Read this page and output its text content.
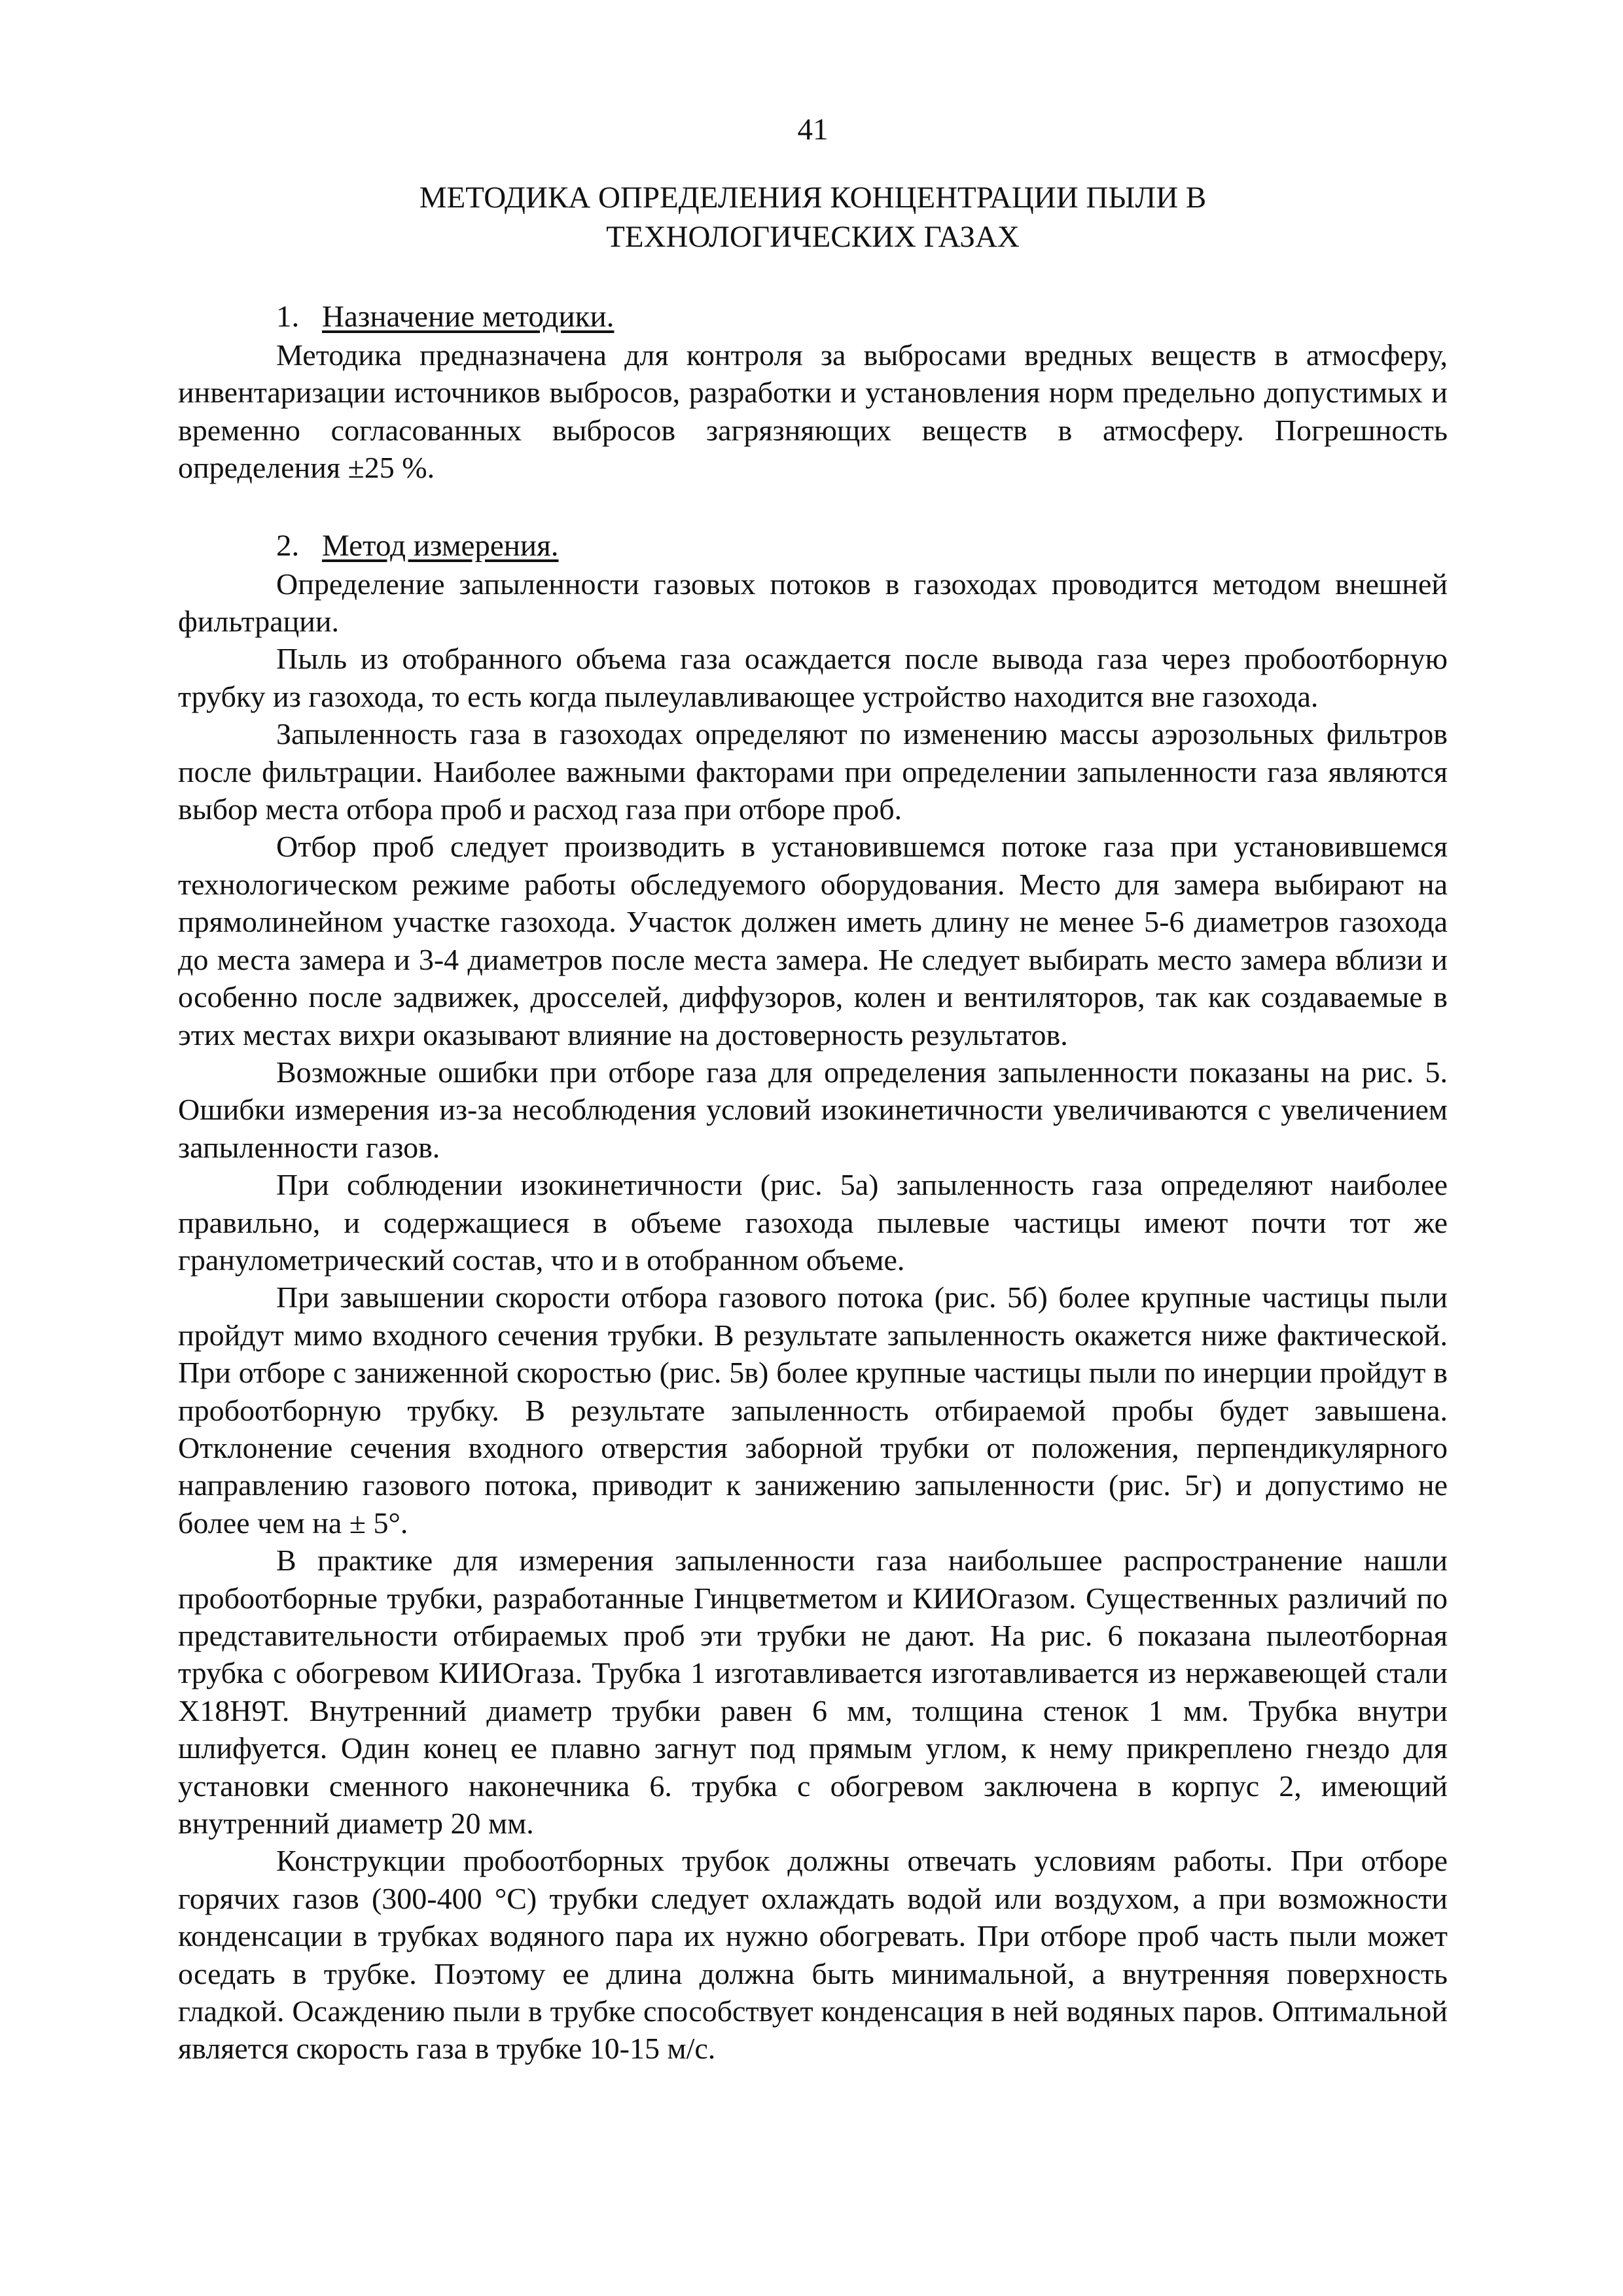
41
МЕТОДИКА ОПРЕДЕЛЕНИЯ КОНЦЕНТРАЦИИ ПЫЛИ В
ТЕХНОЛОГИЧЕСКИХ ГАЗАХ
1. Назначение методики.

Методика предназначена для контроля за выбросами вредных веществ в атмосферу, инвентаризации источников выбросов, разработки и установления норм предельно допустимых и временно согласованных выбросов загрязняющих веществ в атмосферу. Погрешность определения ±25 %.

2. Метод измерения.

Определение запыленности газовых потоков в газоходах проводится методом внешней фильтрации.

Пыль из отобранного объема газа осаждается после вывода газа через пробоотборную трубку из газохода, то есть когда пылеулавливающее устройство находится вне газохода.

Запыленность газа в газоходах определяют по изменению массы аэрозольных фильтров после фильтрации. Наиболее важными факторами при определении запыленности газа являются выбор места отбора проб и расход газа при отборе проб.

Отбор проб следует производить в установившемся потоке газа при установившемся технологическом режиме работы обследуемого оборудования. Место для замера выбирают на прямолинейном участке газохода. Участок должен иметь длину не менее 5-6 диаметров газохода до места замера и 3-4 диаметров после места замера. Не следует выбирать место замера вблизи и особенно после задвижек, дросселей, диффузоров, колен и вентиляторов, так как создаваемые в этих местах вихри оказывают влияние на достоверность результатов.

Возможные ошибки при отборе газа для определения запыленности показаны на рис. 5. Ошибки измерения из-за несоблюдения условий изокинетичности увеличиваются с увеличением запыленности газов.

При соблюдении изокинетичности (рис. 5а) запыленность газа определяют наиболее правильно, и содержащиеся в объеме газохода пылевые частицы имеют почти тот же гранулометрический состав, что и в отобранном объеме.

При завышении скорости отбора газового потока (рис. 5б) более крупные частицы пыли пройдут мимо входного сечения трубки. В результате запыленность окажется ниже фактической. При отборе с заниженной скоростью (рис. 5в) более крупные частицы пыли по инерции пройдут в пробоотборную трубку. В результате запыленность отбираемой пробы будет завышена. Отклонение сечения входного отверстия заборной трубки от положения, перпендикулярного направлению газового потока, приводит к занижению запыленности (рис. 5г) и допустимо не более чем на ± 5°.

В практике для измерения запыленности газа наибольшее распространение нашли пробоотборные трубки, разработанные Гинцветметом и КИИОгазом. Существенных различий по представительности отбираемых проб эти трубки не дают. На рис. 6 показана пылеотборная трубка с обогревом КИИОгаза. Трубка 1 изготавливается изготавливается из нержавеющей стали Х18Н9Т. Внутренний диаметр трубки равен 6 мм, толщина стенок 1 мм. Трубка внутри шлифуется. Один конец ее плавно загнут под прямым углом, к нему прикреплено гнездо для установки сменного наконечника 6. трубка с обогревом заключена в корпус 2, имеющий внутренний диаметр 20 мм.

Конструкции пробоотборных трубок должны отвечать условиям работы. При отборе горячих газов (300-400 °С) трубки следует охлаждать водой или воздухом, а при возможности конденсации в трубках водяного пара их нужно обогревать. При отборе проб часть пыли может оседать в трубке. Поэтому ее длина должна быть минимальной, а внутренняя поверхность гладкой. Осаждению пыли в трубке способствует конденсация в ней водяных паров. Оптимальной является скорость газа в трубке 10-15 м/с.
